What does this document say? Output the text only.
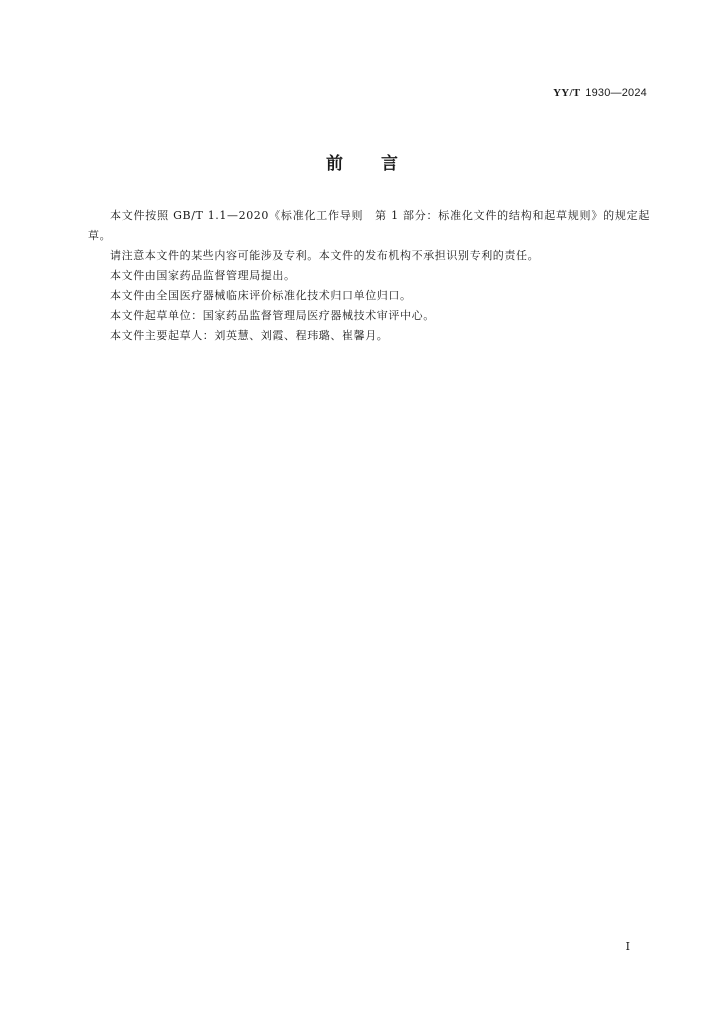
YY/T 1930—2024
前言

本文件按照 GB/T 1.1—2020《标准化工作导则　第 1 部分：标准化文件的结构和起草规则》的规定起草。

请注意本文件的某些内容可能涉及专利。本文件的发布机构不承担识别专利的责任。

本文件由国家药品监督管理局提出。

本文件由全国医疗器械临床评价标准化技术归口单位归口。

本文件起草单位：国家药品监督管理局医疗器械技术审评中心。

本文件主要起草人：刘英慧、刘霞、程玮璐、崔馨月。

I
